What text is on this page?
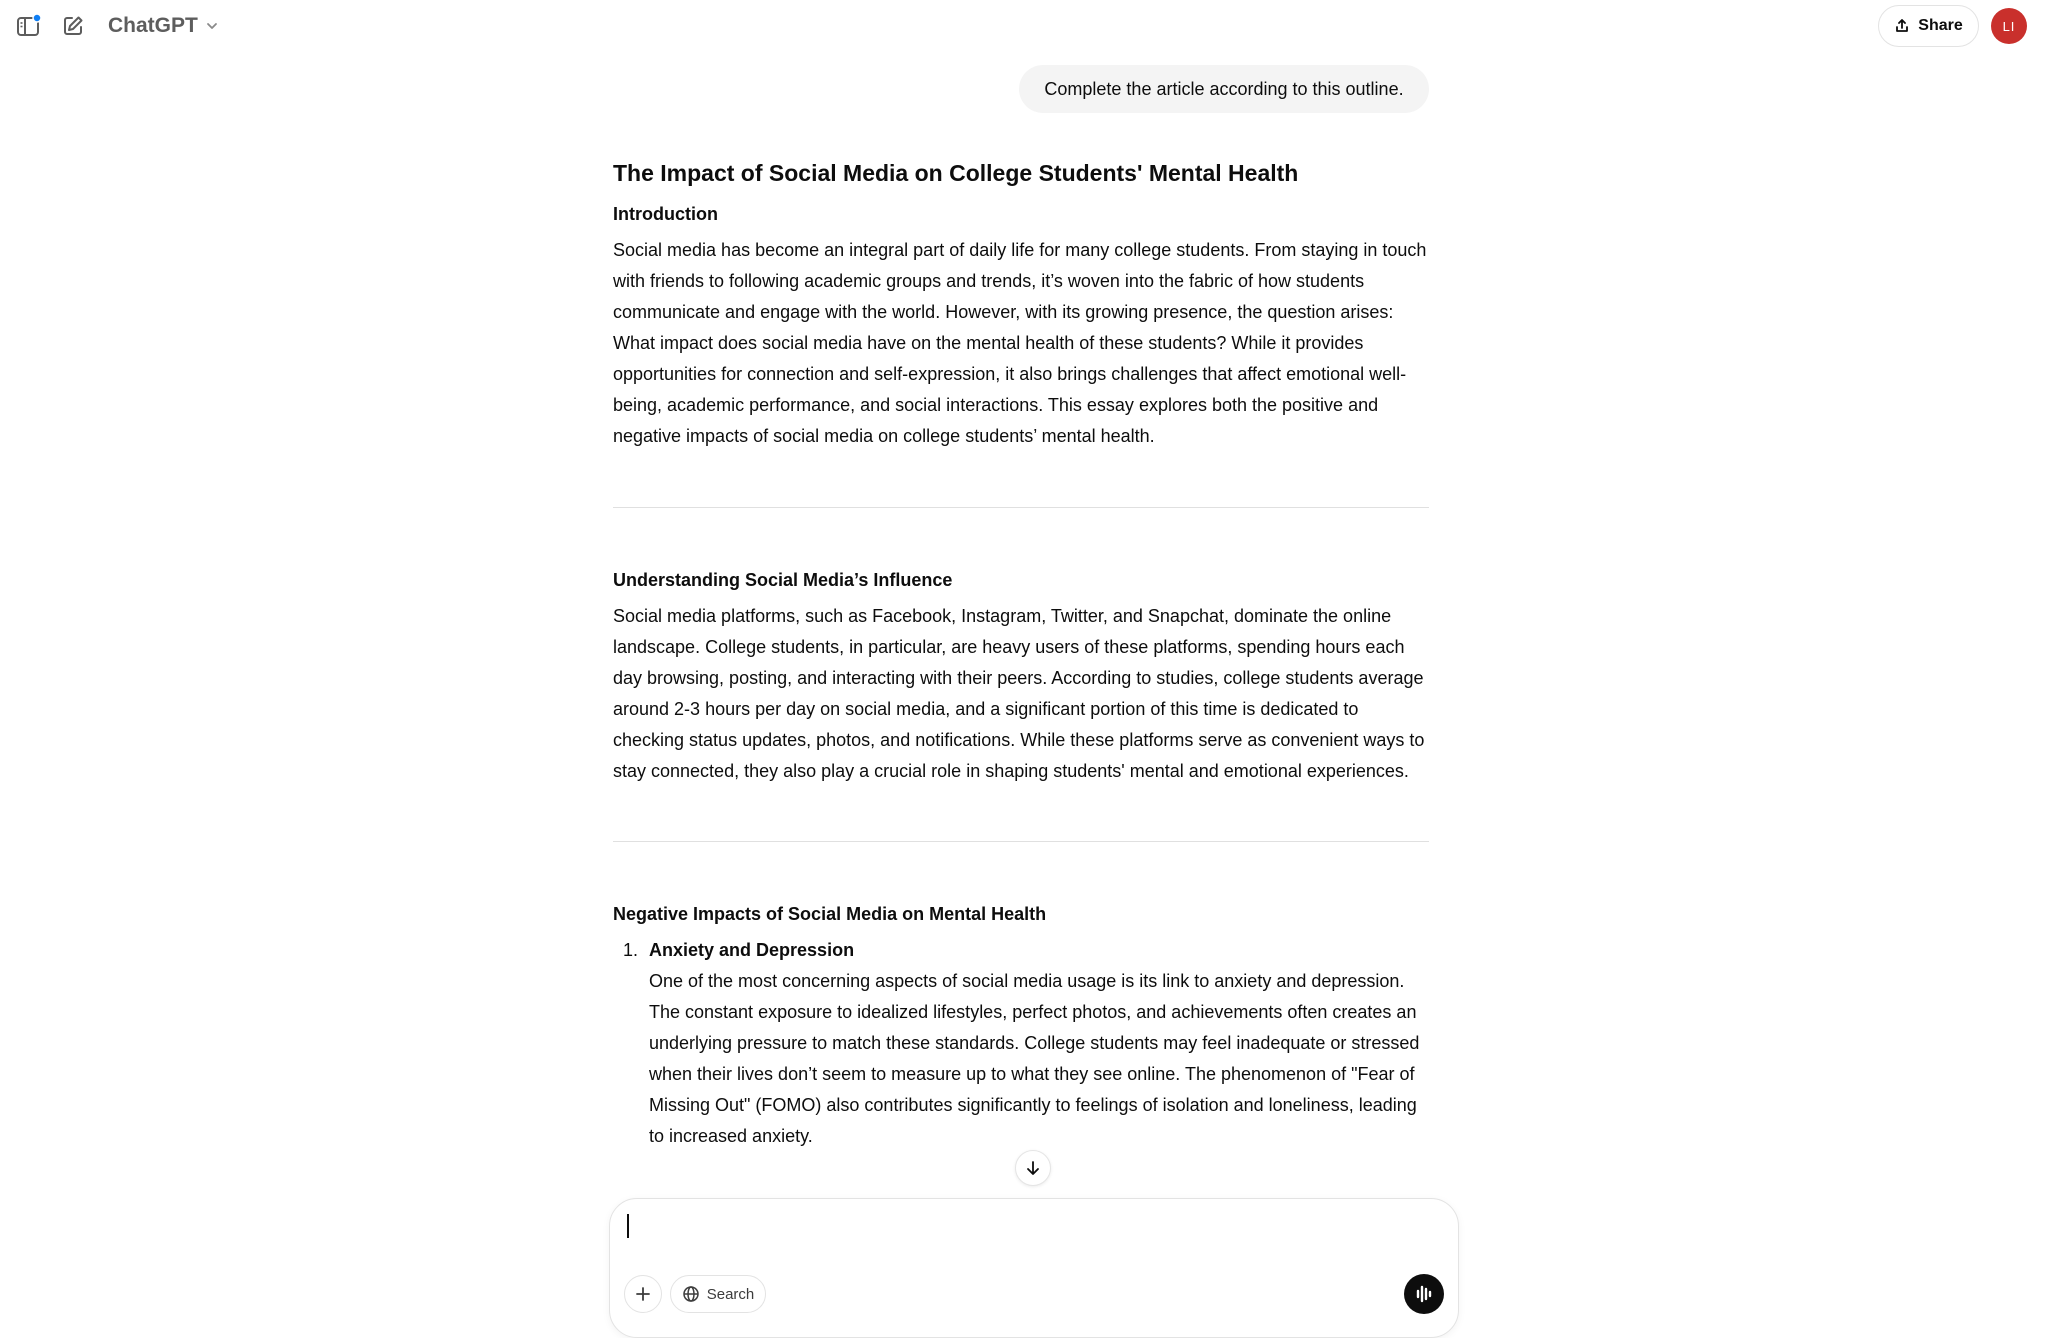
ChatGPT	Share	LI
Complete the article according to this outline.
The Impact of Social Media on College Students' Mental Health
Introduction

Social media has become an integral part of daily life for many college students. From staying in touch with friends to following academic groups and trends, it’s woven into the fabric of how students communicate and engage with the world. However, with its growing presence, the question arises: What impact does social media have on the mental health of these students? While it provides opportunities for connection and self-expression, it also brings challenges that affect emotional well-being, academic performance, and social interactions. This essay explores both the positive and negative impacts of social media on college students’ mental health.

Understanding Social Media’s Influence

Social media platforms, such as Facebook, Instagram, Twitter, and Snapchat, dominate the online landscape. College students, in particular, are heavy users of these platforms, spending hours each day browsing, posting, and interacting with their peers. According to studies, college students average around 2-3 hours per day on social media, and a significant portion of this time is dedicated to checking status updates, photos, and notifications. While these platforms serve as convenient ways to stay connected, they also play a crucial role in shaping students' mental and emotional experiences.

Negative Impacts of Social Media on Mental Health
1. Anxiety and Depression

One of the most concerning aspects of social media usage is its link to anxiety and depression. The constant exposure to idealized lifestyles, perfect photos, and achievements often creates an underlying pressure to match these standards. College students may feel inadequate or stressed when their lives don’t seem to measure up to what they see online. The phenomenon of "Fear of Missing Out" (FOMO) also contributes significantly to feelings of isolation and loneliness, leading to increased anxiety.

Search
